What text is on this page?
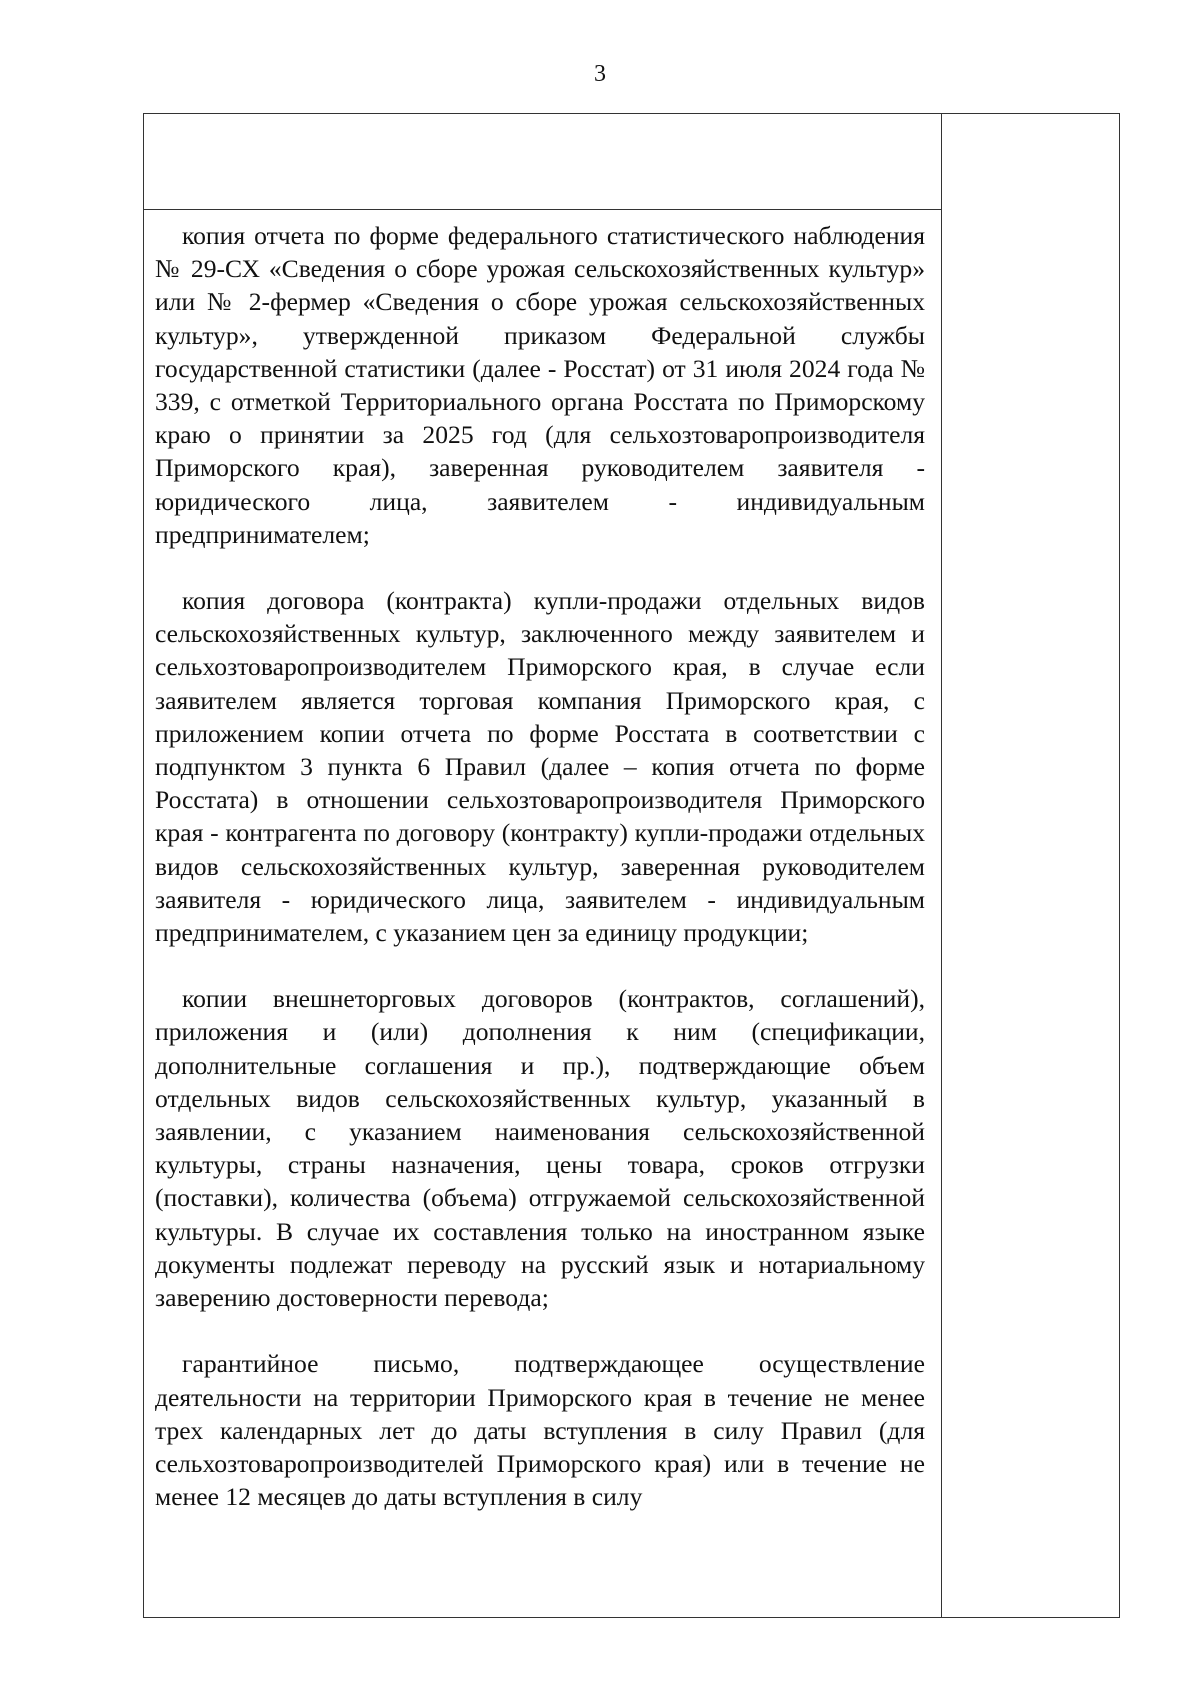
3

копия отчета по форме федерального статистического наблюдения № 29-СХ «Сведения о сборе урожая сельскохозяйственных культур» или № 2-фермер «Сведения о сборе урожая сельскохозяйственных культур», утвержденной приказом Федеральной службы государственной статистики (далее - Росстат) от 31 июля 2024 года № 339, с отметкой Территориального органа Росстата по Приморскому краю о принятии за 2025 год (для сельхозтоваропроизводителя Приморского края), заверенная руководителем заявителя - юридического лица, заявителем - индивидуальным предпринимателем;

копия договора (контракта) купли-продажи отдельных видов сельскохозяйственных культур, заключенного между заявителем и сельхозтоваропроизводителем Приморского края, в случае если заявителем является торговая компания Приморского края, с приложением копии отчета по форме Росстата в соответствии с подпунктом 3 пункта 6 Правил (далее – копия отчета по форме Росстата) в отношении сельхозтоваропроизводителя Приморского края - контрагента по договору (контракту) купли-продажи отдельных видов сельскохозяйственных культур, заверенная руководителем заявителя - юридического лица, заявителем - индивидуальным предпринимателем, с указанием цен за единицу продукции;

копии внешнеторговых договоров (контрактов, соглашений), приложения и (или) дополнения к ним (спецификации, дополнительные соглашения и пр.), подтверждающие объем отдельных видов сельскохозяйственных культур, указанный в заявлении, с указанием наименования сельскохозяйственной культуры, страны назначения, цены товара, сроков отгрузки (поставки), количества (объема) отгружаемой сельскохозяйственной культуры. В случае их составления только на иностранном языке документы подлежат переводу на русский язык и нотариальному заверению достоверности перевода;

гарантийное письмо, подтверждающее осуществление деятельности на территории Приморского края в течение не менее трех календарных лет до даты вступления в силу Правил (для сельхозтоваропроизводителей Приморского края) или в течение не менее 12 месяцев до даты вступления в силу
